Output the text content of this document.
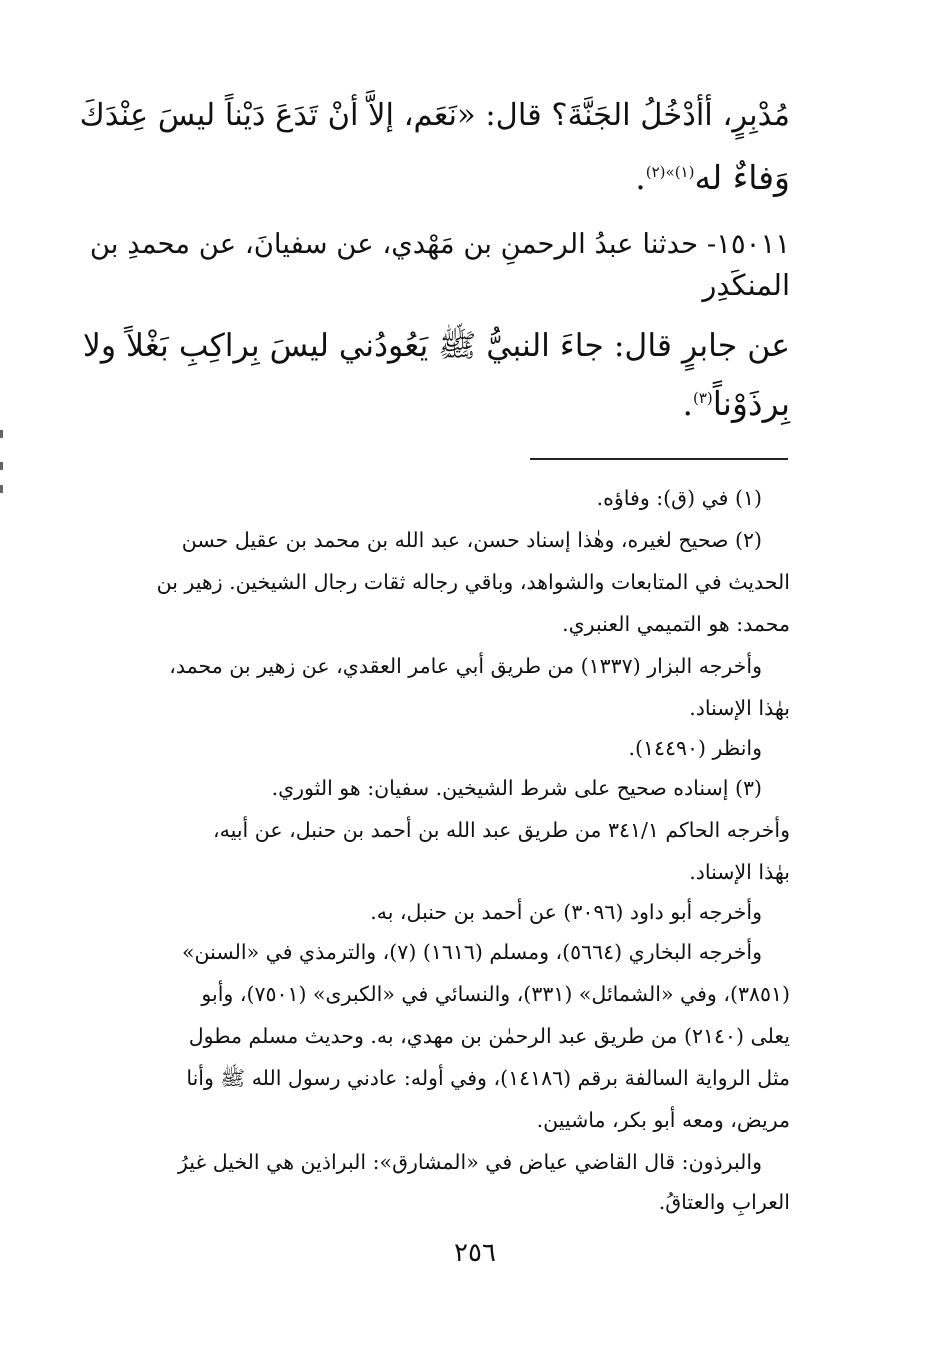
مُدْبِرٍ، أأدْخُلُ الجَنَّةَ؟ قال: «نَعَم، إلاَّ أنْ تَدَعَ دَيْناً ليسَ عِنْدَكَ
وَفاءٌ له$^{(١)»(٢)}$.
١٥٠١١- حدثنا عبدُ الرحمنِ بن مَهْدي، عن سفيانَ، عن محمدِ بن
المنكَدِر
عن جابرٍ قال: جاءَ النبيُّ ﷺ يَعُودُني ليسَ بِراكِبِ بَغْلاً ولا
بِرذَوْناً$^{(٣)}$.
(١) في (ق): وفاؤه.
(٢) صحيح لغيره، وهٰذا إسناد حسن، عبد الله بن محمد بن عقيل حسن
الحديث في المتابعات والشواهد، وباقي رجاله ثقات رجال الشيخين. زهير بن
محمد: هو التميمي العنبري.
وأخرجه البزار (١٣٣٧) من طريق أبي عامر العقدي، عن زهير بن محمد،
بهٰذا الإسناد.
وانظر (١٤٤٩٠).
(٣) إسناده صحيح على شرط الشيخين. سفيان: هو الثوري.
وأخرجه الحاكم ٣٤١/١ من طريق عبد الله بن أحمد بن حنبل، عن أبيه،
بهٰذا الإسناد.
وأخرجه أبو داود (٣٠٩٦) عن أحمد بن حنبل، به.
وأخرجه البخاري (٥٦٦٤)، ومسلم (١٦١٦) (٧)، والترمذي في «السنن»
(٣٨٥١)، وفي «الشمائل» (٣٣١)، والنسائي في «الكبرى» (٧٥٠١)، وأبو
يعلى (٢١٤٠) من طريق عبد الرحمٰن بن مهدي، به. وحديث مسلم مطول
مثل الرواية السالفة برقم (١٤١٨٦)، وفي أوله: عادني رسول الله ﷺ وأنا
مريض، ومعه أبو بكر، ماشيين.
والبرذون: قال القاضي عياض في «المشارق»: البراذين هي الخيل غيرُ
العرابِ والعتاقُ.
٢٥٦
